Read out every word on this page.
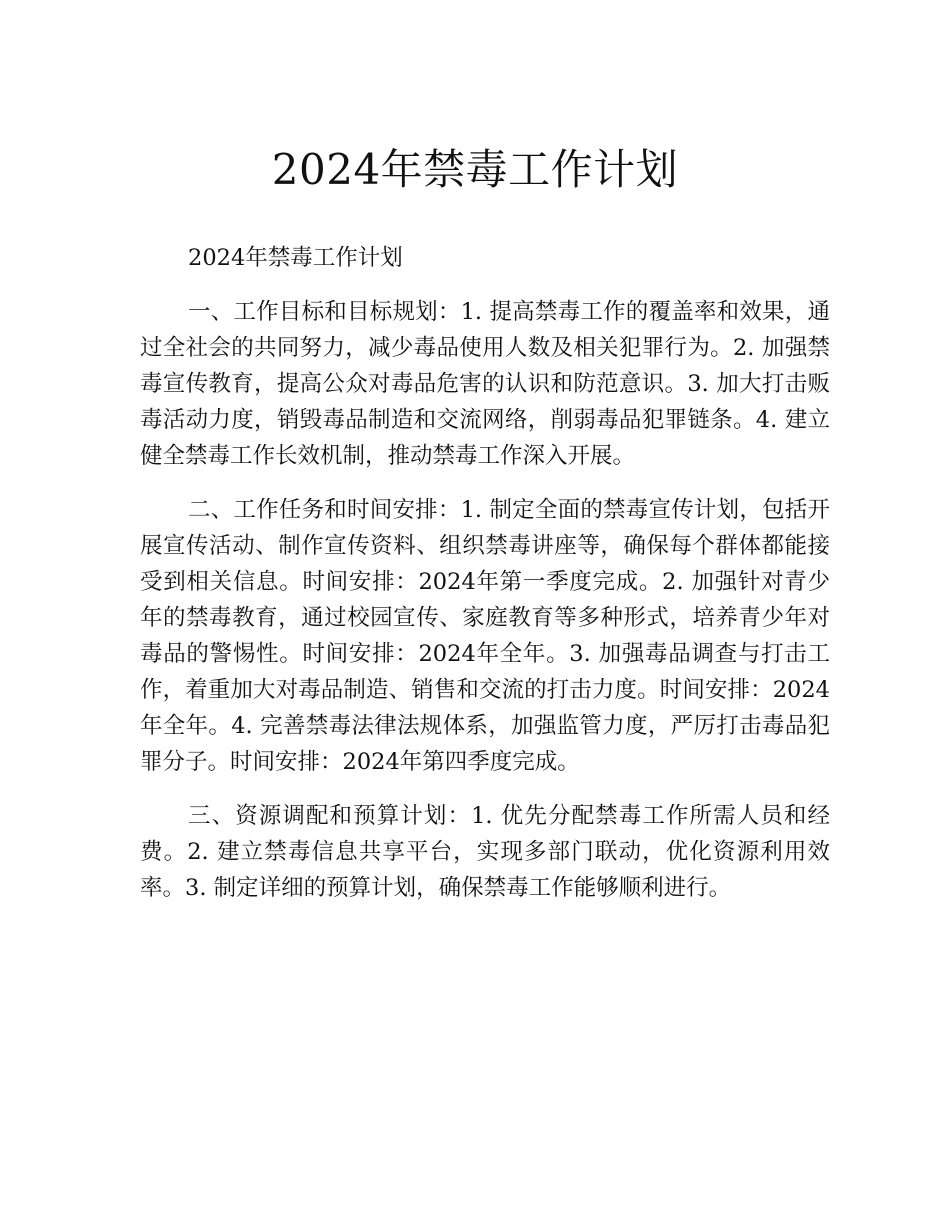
2024年禁毒工作计划

2024年禁毒工作计划

一、工作目标和目标规划：1. 提高禁毒工作的覆盖率和效果，通过全社会的共同努力，减少毒品使用人数及相关犯罪行为。2. 加强禁毒宣传教育，提高公众对毒品危害的认识和防范意识。3. 加大打击贩毒活动力度，销毁毒品制造和交流网络，削弱毒品犯罪链条。4. 建立健全禁毒工作长效机制，推动禁毒工作深入开展。

二、工作任务和时间安排：1. 制定全面的禁毒宣传计划，包括开展宣传活动、制作宣传资料、组织禁毒讲座等，确保每个群体都能接受到相关信息。时间安排：2024年第一季度完成。2. 加强针对青少年的禁毒教育，通过校园宣传、家庭教育等多种形式，培养青少年对毒品的警惕性。时间安排：2024年全年。3. 加强毒品调查与打击工作，着重加大对毒品制造、销售和交流的打击力度。时间安排：2024年全年。4. 完善禁毒法律法规体系，加强监管力度，严厉打击毒品犯罪分子。时间安排：2024年第四季度完成。

三、资源调配和预算计划：1. 优先分配禁毒工作所需人员和经费。2. 建立禁毒信息共享平台，实现多部门联动，优化资源利用效率。3. 制定详细的预算计划，确保禁毒工作能够顺利进行。
